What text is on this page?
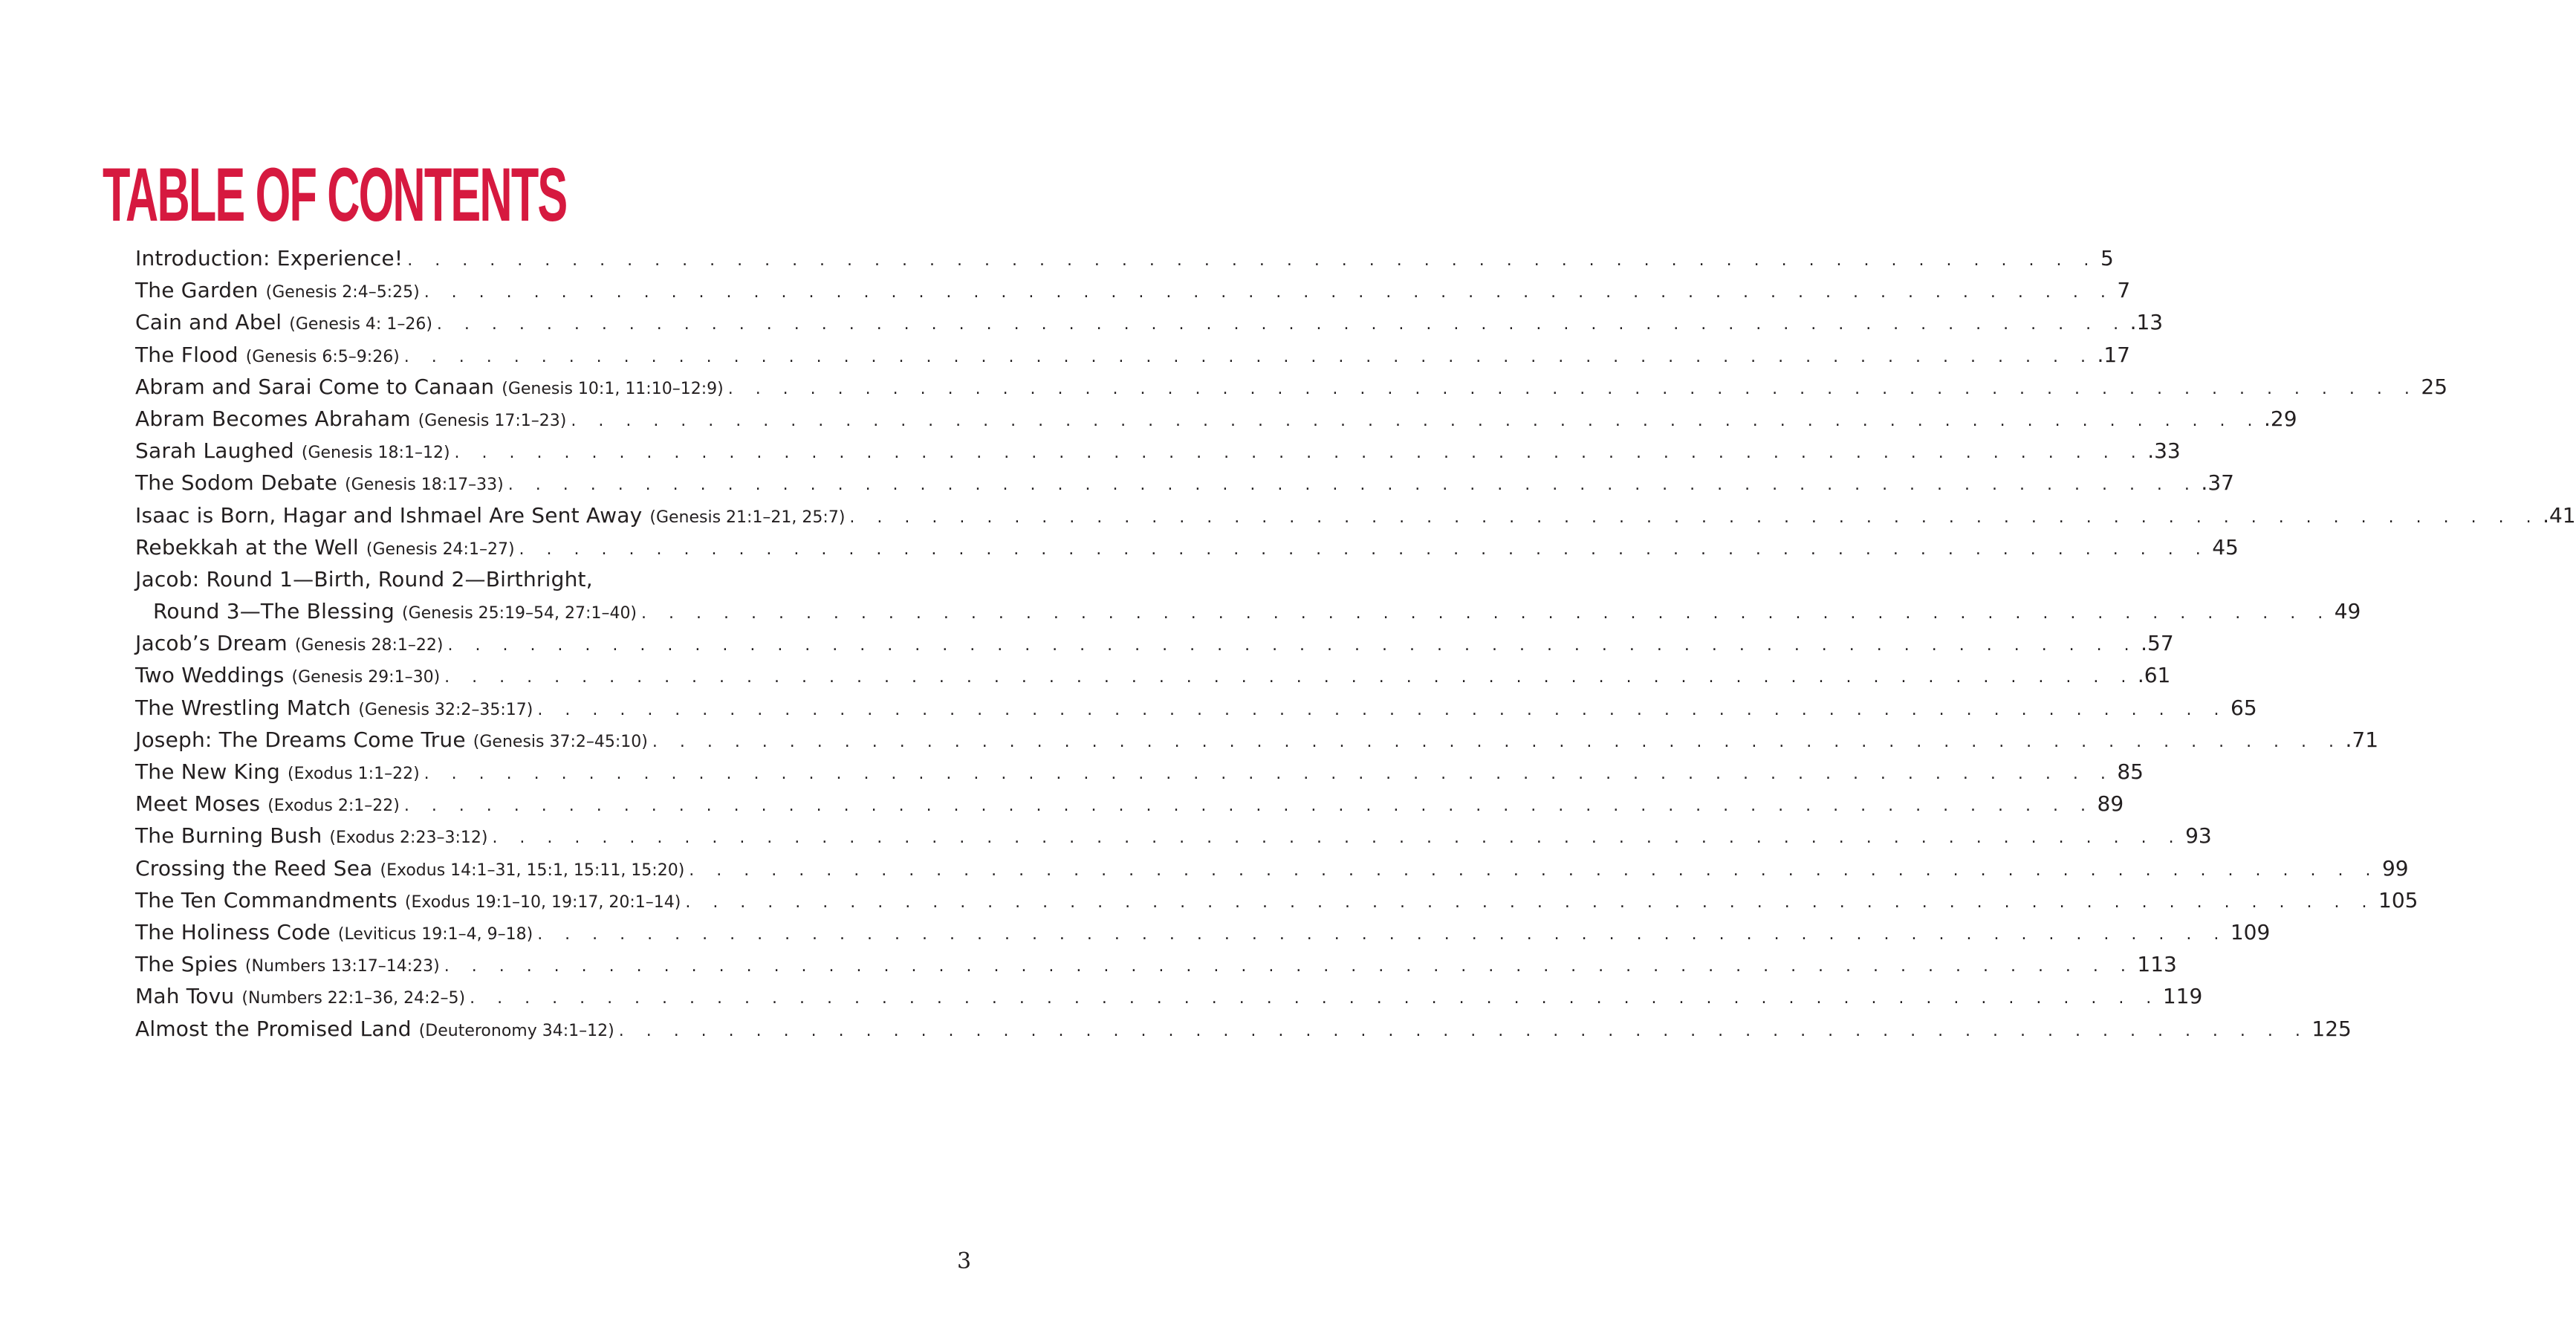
TABLE OF CONTENTS
Introduction: Experience! . . . . . . . . . . . . . . . . . . . . . . . . . . . . . . . . . . . . . . . . . . . . . . . . . . . . . . . . . . . . . . 5
The Garden (Genesis 2:4–5:25) . . . . . . . . . . . . . . . . . . . . . . . . . . . . . . . . . . . . . . . . . . . . . . . . . . . . . . . . . . . . . . 7
Cain and Abel (Genesis 4: 1–26) . . . . . . . . . . . . . . . . . . . . . . . . . . . . . . . . . . . . . . . . . . . . . . . . . . . . . . . . . . . . . . .13
The Flood (Genesis 6:5–9:26) . . . . . . . . . . . . . . . . . . . . . . . . . . . . . . . . . . . . . . . . . . . . . . . . . . . . . . . . . . . . . . .17
Abram and Sarai Come to Canaan (Genesis 10:1, 11:10–12:9) . . . . . . . . . . . . . . . . . . . . . . . . . . . . . . . . . . . . . . . . . . . . . . . . . . . . . . . . . . . . . . 25
Abram Becomes Abraham (Genesis 17:1–23) . . . . . . . . . . . . . . . . . . . . . . . . . . . . . . . . . . . . . . . . . . . . . . . . . . . . . . . . . . . . . . .29
Sarah Laughed (Genesis 18:1–12) . . . . . . . . . . . . . . . . . . . . . . . . . . . . . . . . . . . . . . . . . . . . . . . . . . . . . . . . . . . . . . .33
The Sodom Debate (Genesis 18:17–33) . . . . . . . . . . . . . . . . . . . . . . . . . . . . . . . . . . . . . . . . . . . . . . . . . . . . . . . . . . . . . . .37
Isaac is Born, Hagar and Ishmael Are Sent Away (Genesis 21:1–21, 25:7) . . . . . . . . . . . . . . . . . . . . . . . . . . . . . . . . . . . . . . . . . . . . . . . . . . . . . . . . . . . . . . .41
Rebekkah at the Well (Genesis 24:1–27) . . . . . . . . . . . . . . . . . . . . . . . . . . . . . . . . . . . . . . . . . . . . . . . . . . . . . . . . . . . . . . 45
Jacob: Round 1—Birth, Round 2—Birthright,
Round 3—The Blessing (Genesis 25:19–54, 27:1–40) . . . . . . . . . . . . . . . . . . . . . . . . . . . . . . . . . . . . . . . . . . . . . . . . . . . . . . . . . . . . . . 49
Jacob’s Dream (Genesis 28:1–22) . . . . . . . . . . . . . . . . . . . . . . . . . . . . . . . . . . . . . . . . . . . . . . . . . . . . . . . . . . . . . . .57
Two Weddings (Genesis 29:1–30) . . . . . . . . . . . . . . . . . . . . . . . . . . . . . . . . . . . . . . . . . . . . . . . . . . . . . . . . . . . . . . .61
The Wrestling Match (Genesis 32:2–35:17) . . . . . . . . . . . . . . . . . . . . . . . . . . . . . . . . . . . . . . . . . . . . . . . . . . . . . . . . . . . . . . 65
Joseph: The Dreams Come True (Genesis 37:2–45:10) . . . . . . . . . . . . . . . . . . . . . . . . . . . . . . . . . . . . . . . . . . . . . . . . . . . . . . . . . . . . . . .71
The New King (Exodus 1:1–22) . . . . . . . . . . . . . . . . . . . . . . . . . . . . . . . . . . . . . . . . . . . . . . . . . . . . . . . . . . . . . . 85
Meet Moses (Exodus 2:1–22) . . . . . . . . . . . . . . . . . . . . . . . . . . . . . . . . . . . . . . . . . . . . . . . . . . . . . . . . . . . . . . 89
The Burning Bush (Exodus 2:23–3:12) . . . . . . . . . . . . . . . . . . . . . . . . . . . . . . . . . . . . . . . . . . . . . . . . . . . . . . . . . . . . . . 93
Crossing the Reed Sea (Exodus 14:1–31, 15:1, 15:11, 15:20) . . . . . . . . . . . . . . . . . . . . . . . . . . . . . . . . . . . . . . . . . . . . . . . . . . . . . . . . . . . . . . 99
The Ten Commandments (Exodus 19:1–10, 19:17, 20:1–14) . . . . . . . . . . . . . . . . . . . . . . . . . . . . . . . . . . . . . . . . . . . . . . . . . . . . . . . . . . . . . . 105
The Holiness Code (Leviticus 19:1–4, 9–18) . . . . . . . . . . . . . . . . . . . . . . . . . . . . . . . . . . . . . . . . . . . . . . . . . . . . . . . . . . . . . . 109
The Spies (Numbers 13:17–14:23) . . . . . . . . . . . . . . . . . . . . . . . . . . . . . . . . . . . . . . . . . . . . . . . . . . . . . . . . . . . . . . 113
Mah Tovu (Numbers 22:1–36, 24:2–5) . . . . . . . . . . . . . . . . . . . . . . . . . . . . . . . . . . . . . . . . . . . . . . . . . . . . . . . . . . . . . . 119
Almost the Promised Land (Deuteronomy 34:1–12) . . . . . . . . . . . . . . . . . . . . . . . . . . . . . . . . . . . . . . . . . . . . . . . . . . . . . . . . . . . . . . 125
3
